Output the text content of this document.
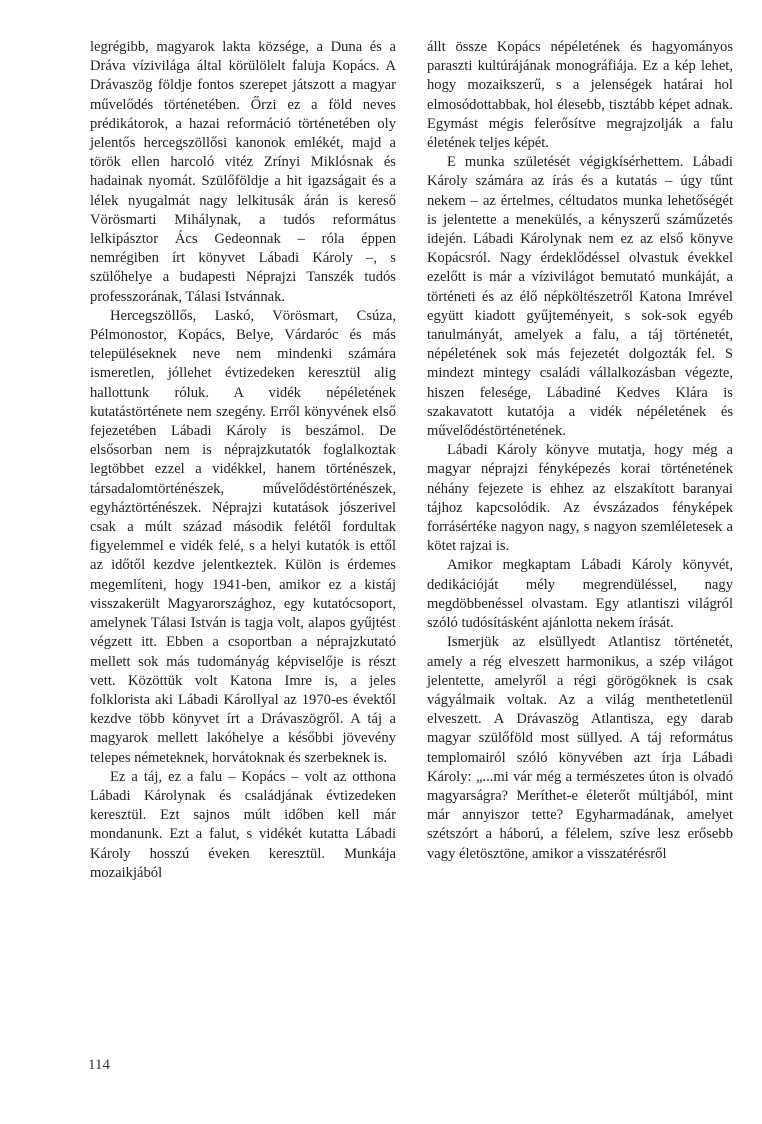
legrégibb, magyarok lakta községe, a Duna és a Dráva vízivilága által körülölelt faluja Kopács. A Drávaszög földje fontos szerepet játszott a magyar művelődés történetében. Őrzi ez a föld neves prédikátorok, a hazai reformáció történetében oly jelentős hercegszöllősi kanonok emlékét, majd a török ellen harcoló vitéz Zrínyi Miklósnak és hadainak nyomát. Szülőföldje a hit igazságait és a lélek nyugalmát nagy lelkitusák árán is kereső Vörösmarti Mihálynak, a tudós református lelkipásztor Ács Gedeonnak – róla éppen nemrégiben írt könyvet Lábadi Károly –, s szülőhelye a budapesti Néprajzi Tanszék tudós professzorának, Tálasi Istvánnak.

Hercegszöllős, Laskó, Vörösmart, Csúza, Pélmonostor, Kopács, Belye, Várdaróc és más településeknek neve nem mindenki számára ismeretlen, jóllehet évtizedeken keresztül alig hallottunk róluk. A vidék népéletének kutatástörténete nem szegény. Erről könyvének első fejezetében Lábadi Károly is beszámol. De elsősorban nem is néprajzkutatók foglalkoztak legtöbbet ezzel a vidékkel, hanem történészek, társadalomtörténészek, művelődéstörténészek, egyháztörténészek. Néprajzi kutatások jószerivel csak a múlt század második felétől fordultak figyelemmel e vidék felé, s a helyi kutatók is ettől az időtől kezdve jelentkeztek. Külön is érdemes megemlíteni, hogy 1941-ben, amikor ez a kistáj visszakerült Magyarországhoz, egy kutatócsoport, amelynek Tálasi István is tagja volt, alapos gyűjtést végzett itt. Ebben a csoportban a néprajzkutató mellett sok más tudományág képviselője is részt vett. Közöttük volt Katona Imre is, a jeles folklorista aki Lábadi Károllyal az 1970-es évektől kezdve több könyvet írt a Drávaszögről. A táj a magyarok mellett lakóhelye a későbbi jövevény telepes németeknek, horvátoknak és szerbeknek is.

Ez a táj, ez a falu – Kopács – volt az otthona Lábadi Károlynak és családjának évtizedeken keresztül. Ezt sajnos múlt időben kell már mondanunk. Ezt a falut, s vidékét kutatta Lábadi Károly hosszú éveken keresztül. Munkája mozaikjából

állt össze Kopács népéletének és hagyományos paraszti kultúrájának monográfiája. Ez a kép lehet, hogy mozaikszerű, s a jelenségek határai hol elmosódottabbak, hol élesebb, tisztább képet adnak. Egymást mégis felerősítve megrajzolják a falu életének teljes képét.

E munka születését végigkísérhettem. Lábadi Károly számára az írás és a kutatás – úgy tűnt nekem – az értelmes, céltudatos munka lehetőségét is jelentette a menekülés, a kényszerű száműzetés idején. Lábadi Károlynak nem ez az első könyve Kopácsról. Nagy érdeklődéssel olvastuk évekkel ezelőtt is már a vízivilágot bemutató munkáját, a történeti és az élő népköltészetről Katona Imrével együtt kiadott gyűjteményeit, s sok-sok egyéb tanulmányát, amelyek a falu, a táj történetét, népéletének sok más fejezetét dolgozták fel. S mindezt mintegy családi vállalkozásban végezte, hiszen felesége, Lábadiné Kedves Klára is szakavatott kutatója a vidék népéletének és művelődéstörténetének.

Lábadi Károly könyve mutatja, hogy még a magyar néprajzi fényképezés korai történetének néhány fejezete is ehhez az elszakított baranyai tájhoz kapcsolódik. Az évszázados fényképek forrásértéke nagyon nagy, s nagyon szemléletesek a kötet rajzai is.

Amikor megkaptam Lábadi Károly könyvét, dedikációját mély megrendüléssel, nagy megdöbbenéssel olvastam. Egy atlantiszi világról szóló tudósításként ajánlotta nekem írását.

Ismerjük az elsüllyedt Atlantisz történetét, amely a rég elveszett harmonikus, a szép világot jelentette, amelyről a régi görögöknek is csak vágyálmaik voltak. Az a világ menthetetlenül elveszett. A Drávaszög Atlantisza, egy darab magyar szülőföld most süllyed. A táj református templomairól szóló könyvében azt írja Lábadi Károly: „...mi vár még a természetes úton is olvadó magyarságra? Meríthet-e életerőt múltjából, mint már annyiszor tette? Egyharmadának, amelyet szétszórt a háború, a félelem, szíve lesz erősebb vagy életösztöne, amikor a visszatérésről

114
